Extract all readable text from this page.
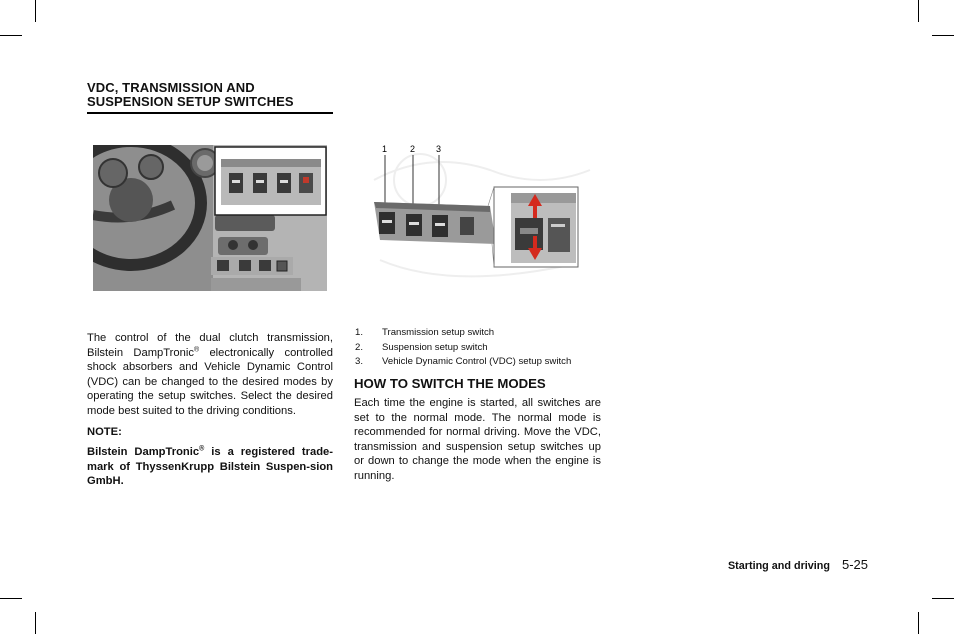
VDC, TRANSMISSION AND
SUSPENSION SETUP SWITCHES
1	2 3

The control of the dual clutch transmission, Bilstein DampTronic® electronically controlled shock absorbers and Vehicle Dynamic Control (VDC) can be changed to the desired modes by operating the setup switches. Select the desired mode best suited to the driving conditions.

NOTE:

Bilstein DampTronic® is a registered trade-mark of ThyssenKrupp Bilstein Suspen-sion GmbH.

1.	Transmission setup switch
2.	Suspension setup switch
3.	Vehicle Dynamic Control (VDC) setup switch
HOW TO SWITCH THE MODES
Each time the engine is started, all switches are set to the normal mode. The normal mode is recommended for normal driving. Move the VDC, transmission and suspension setup switches up or down to change the mode when the engine is running.
Starting and driving 5-25
